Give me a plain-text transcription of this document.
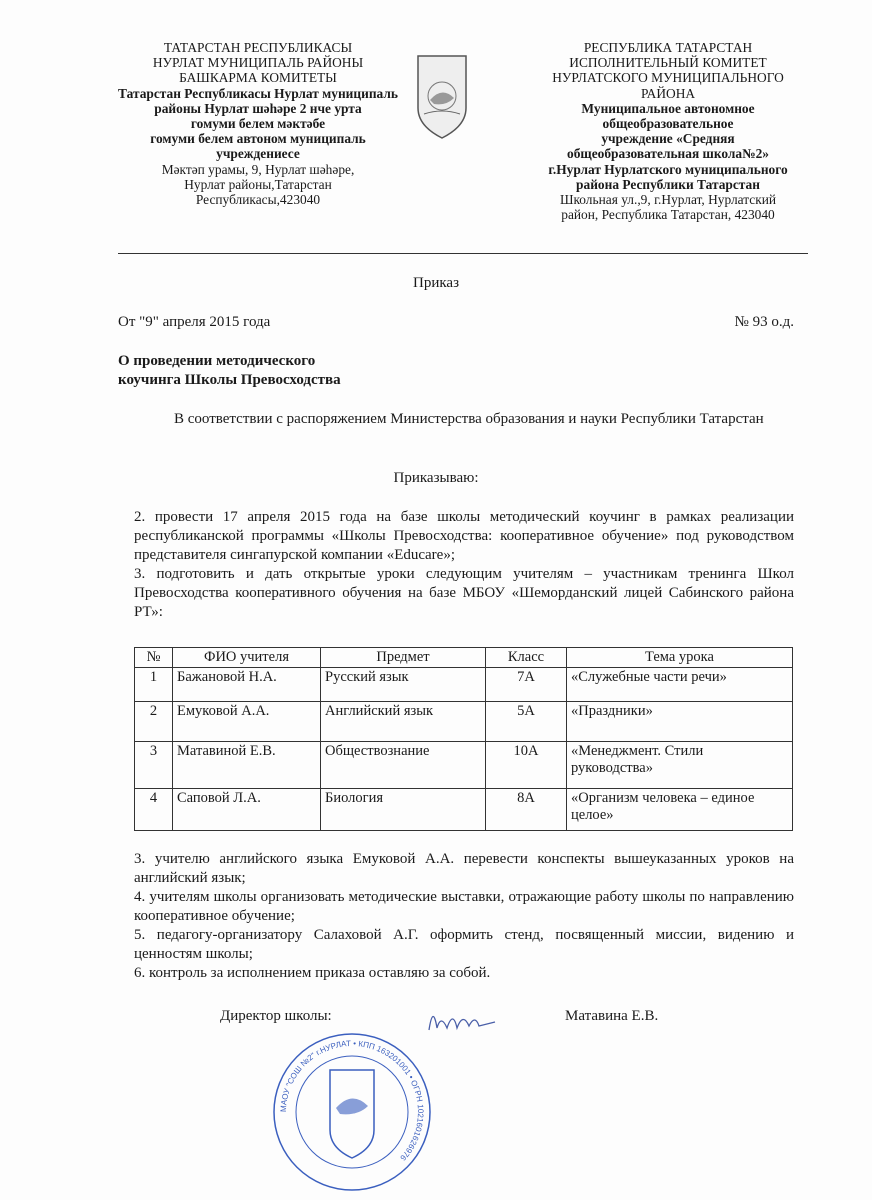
ТАТАРСТАН РЕСПУБЛИКАСЫ
НУРЛАТ МУНИЦИПАЛЬ РАЙОНЫ
БАШКАРМА КОМИТЕТЫ
Татарстан Республикасы Нурлат муниципаль районы Нурлат шәһәре 2 нче урта
гомуми белем мәктәбе
гомуми белем автоном муниципаль учреждениесе
Мәктәп урамы, 9, Нурлат шәһәре,
Нурлат районы,Татарстан
Республикасы,423040
РЕСПУБЛИКА ТАТАРСТАН
ИСПОЛНИТЕЛЬНЫЙ КОМИТЕТ
НУРЛАТСКОГО МУНИЦИПАЛЬНОГО РАЙОНА
Муниципальное автономное общеобразовательное
учреждение «Средняя общеобразовательная школа№2»
г.Нурлат Нурлатского муниципального района Республики Татарстан
Школьная ул.,9, г.Нурлат, Нурлатский
район, Республика Татарстан, 423040
Приказ
От "9" апреля 2015 года	№ 93 о.д.
О проведении методического
коучинга Школы Превосходства
В соответствии с распоряжением Министерства образования и науки Республики Татарстан
Приказываю:
2. провести 17 апреля 2015 года на базе школы методический коучинг в рамках реализации республиканской программы «Школы Превосходства: кооперативное обучение» под руководством представителя сингапурской компании «Educare»;
3. подготовить и дать открытые уроки следующим учителям – участникам тренинга Школ Превосходства кооперативного обучения на базе МБОУ «Шеморданский лицей Сабинского района РТ»:
№	ФИО учителя	Предмет	Класс	Тема урока
1	Бажановой Н.А.	Русский язык	7А	«Служебные части речи»
2	Емуковой А.А.	Английский язык	5А	«Праздники»
3	Матавиной Е.В.	Обществознание	10А	«Менеджмент. Стили руководства»
4	Саповой Л.А.	Биология	8А	«Организм человека – единое целое»
3. учителю английского языка Емуковой А.А. перевести конспекты вышеуказанных уроков на английский язык;
4. учителям школы организовать методические выставки, отражающие работу школы по направлению кооперативное обучение;
5. педагогу-организатору Салаховой А.Г. оформить стенд, посвященный миссии, видению и ценностям школы;
6. контроль за исполнением приказа оставляю за собой.
Директор школы:	Матавина Е.В.
МАОУ "СОШ №2" г.НУРЛАТ • КПП 163201001 • ОГРН 1021601626976
